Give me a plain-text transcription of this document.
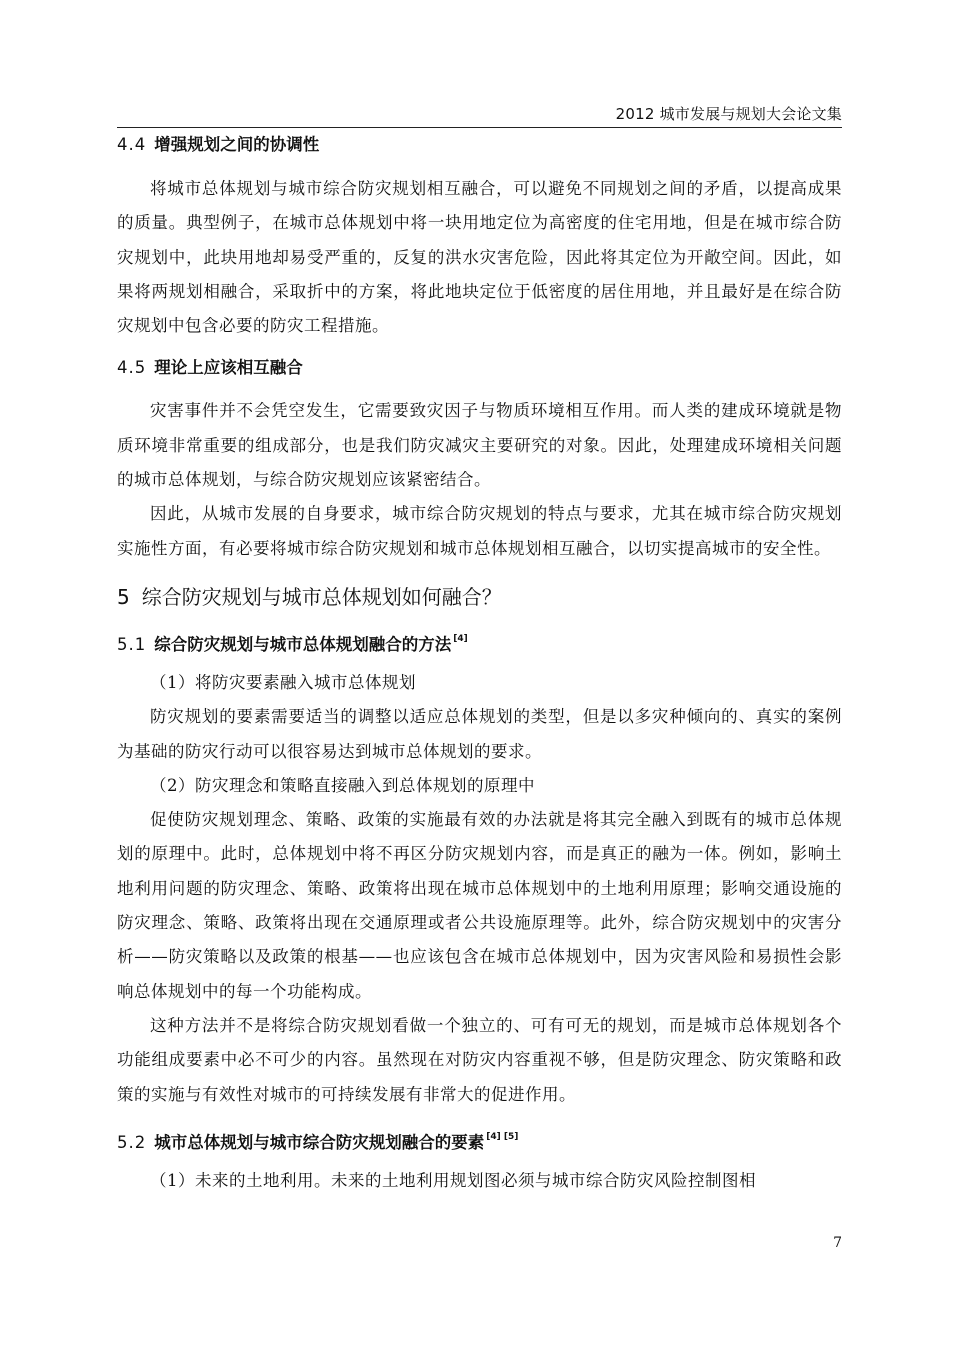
2012 城市发展与规划大会论文集
4.4 增强规划之间的协调性

将城市总体规划与城市综合防灾规划相互融合，可以避免不同规划之间的矛盾，以提高成果的质量。典型例子，在城市总体规划中将一块用地定位为高密度的住宅用地，但是在城市综合防灾规划中，此块用地却易受严重的，反复的洪水灾害危险，因此将其定位为开敞空间。因此，如果将两规划相融合，采取折中的方案，将此地块定位于低密度的居住用地，并且最好是在综合防灾规划中包含必要的防灾工程措施。

4.5 理论上应该相互融合

灾害事件并不会凭空发生，它需要致灾因子与物质环境相互作用。而人类的建成环境就是物质环境非常重要的组成部分，也是我们防灾减灾主要研究的对象。因此，处理建成环境相关问题的城市总体规划，与综合防灾规划应该紧密结合。

因此，从城市发展的自身要求，城市综合防灾规划的特点与要求，尤其在城市综合防灾规划实施性方面，有必要将城市综合防灾规划和城市总体规划相互融合，以切实提高城市的安全性。

5 综合防灾规划与城市总体规划如何融合？
5.1 综合防灾规划与城市总体规划融合的方法 [4]

（1）将防灾要素融入城市总体规划

防灾规划的要素需要适当的调整以适应总体规划的类型，但是以多灾种倾向的、真实的案例为基础的防灾行动可以很容易达到城市总体规划的要求。

（2）防灾理念和策略直接融入到总体规划的原理中

促使防灾规划理念、策略、政策的实施最有效的办法就是将其完全融入到既有的城市总体规划的原理中。此时，总体规划中将不再区分防灾规划内容，而是真正的融为一体。例如，影响土地利用问题的防灾理念、策略、政策将出现在城市总体规划中的土地利用原理；影响交通设施的防灾理念、策略、政策将出现在交通原理或者公共设施原理等。此外，综合防灾规划中的灾害分析——防灾策略以及政策的根基——也应该包含在城市总体规划中，因为灾害风险和易损性会影响总体规划中的每一个功能构成。

这种方法并不是将综合防灾规划看做一个独立的、可有可无的规划，而是城市总体规划各个功能组成要素中必不可少的内容。虽然现在对防灾内容重视不够，但是防灾理念、防灾策略和政策的实施与有效性对城市的可持续发展有非常大的促进作用。

5.2 城市总体规划与城市综合防灾规划融合的要素 [4] [5]

（1）未来的土地利用。未来的土地利用规划图必须与城市综合防灾风险控制图相

7
